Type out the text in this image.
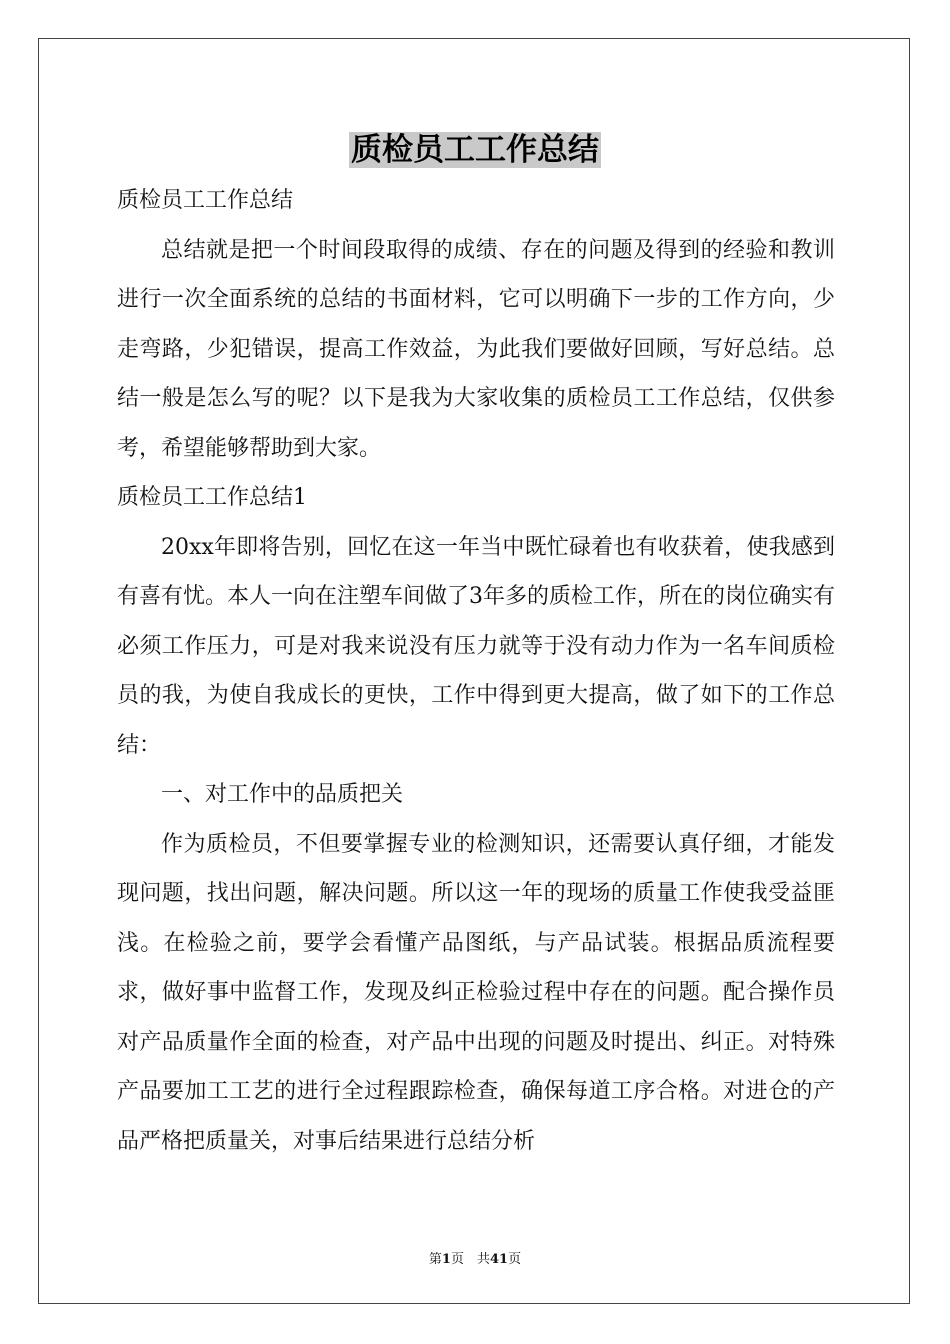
质检员工工作总结

质检员工工作总结

总结就是把一个时间段取得的成绩、存在的问题及得到的经验和教训进行一次全面系统的总结的书面材料，它可以明确下一步的工作方向，少走弯路，少犯错误，提高工作效益，为此我们要做好回顾，写好总结。总结一般是怎么写的呢？以下是我为大家收集的质检员工工作总结，仅供参考，希望能够帮助到大家。

质检员工工作总结1

20xx年即将告别，回忆在这一年当中既忙碌着也有收获着，使我感到有喜有忧。本人一向在注塑车间做了3年多的质检工作，所在的岗位确实有必须工作压力，可是对我来说没有压力就等于没有动力作为一名车间质检员的我，为使自我成长的更快，工作中得到更大提高，做了如下的工作总结：

一、对工作中的品质把关

作为质检员，不但要掌握专业的检测知识，还需要认真仔细，才能发现问题，找出问题，解决问题。所以这一年的现场的质量工作使我受益匪浅。在检验之前，要学会看懂产品图纸，与产品试装。根据品质流程要求，做好事中监督工作，发现及纠正检验过程中存在的问题。配合操作员对产品质量作全面的检查，对产品中出现的问题及时提出、纠正。对特殊产品要加工工艺的进行全过程跟踪检查，确保每道工序合格。对进仓的产品严格把质量关，对事后结果进行总结分析

第1页　共41页
